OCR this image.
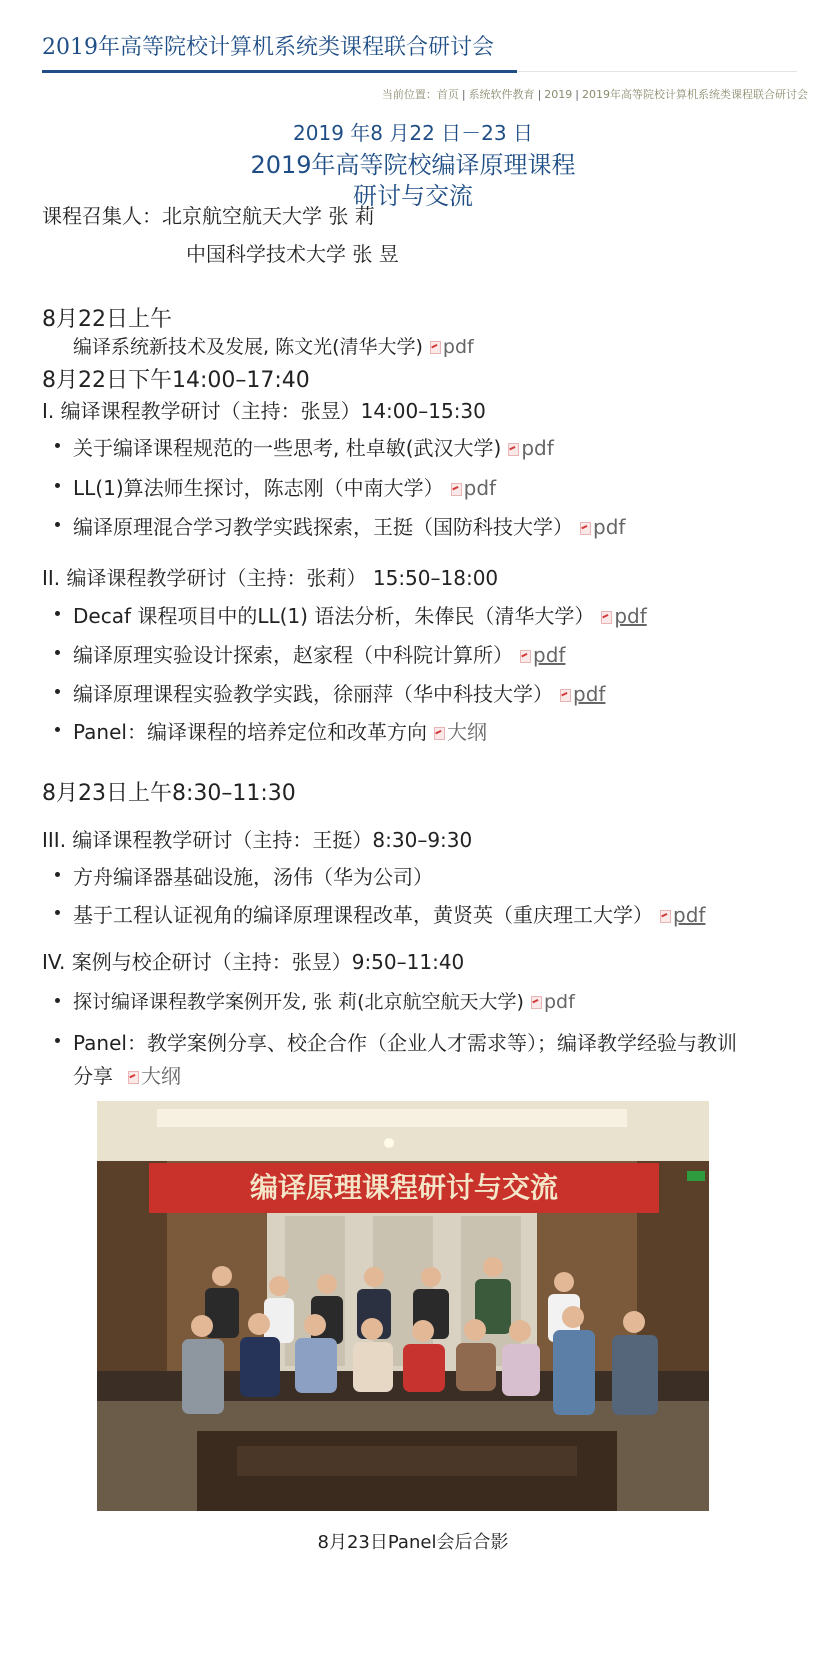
2019年高等院校计算机系统类课程联合研讨会
当前位置：首页 | 系统软件教育 | 2019 | 2019年高等院校计算机系统类课程联合研讨会
2019 年8 月22 日－23 日
2019年高等院校编译原理课程
研讨与交流
课程召集人：北京航空航天大学 张 莉
中国科学技术大学 张 昱
8月22日上午
编译系统新技术及发展, 陈文光(清华大学) pdf
8月22日下午14:00–17:40
I. 编译课程教学研讨（主持：张昱）14:00–15:30
关于编译课程规范的一些思考, 杜卓敏(武汉大学) pdf
LL(1)算法师生探讨，陈志刚（中南大学） pdf
编译原理混合学习教学实践探索，王挺（国防科技大学） pdf
II. 编译课程教学研讨（主持：张莉） 15:50–18:00
Decaf 课程项目中的LL(1) 语法分析，朱俸民（清华大学） pdf
编译原理实验设计探索，赵家程（中科院计算所） pdf
编译原理课程实验教学实践，徐丽萍（华中科技大学） pdf
Panel：编译课程的培养定位和改革方向 大纲
8月23日上午8:30–11:30
III. 编译课程教学研讨（主持：王挺）8:30–9:30
方舟编译器基础设施，汤伟（华为公司）
基于工程认证视角的编译原理课程改革，黄贤英（重庆理工大学） pdf
IV. 案例与校企研讨（主持：张昱）9:50–11:40
探讨编译课程教学案例开发, 张 莉(北京航空航天大学) pdf
Panel：教学案例分享、校企合作（企业人才需求等）；编译教学经验与教训
分享 大纲
编译原理课程研讨与交流
8月23日Panel会后合影
